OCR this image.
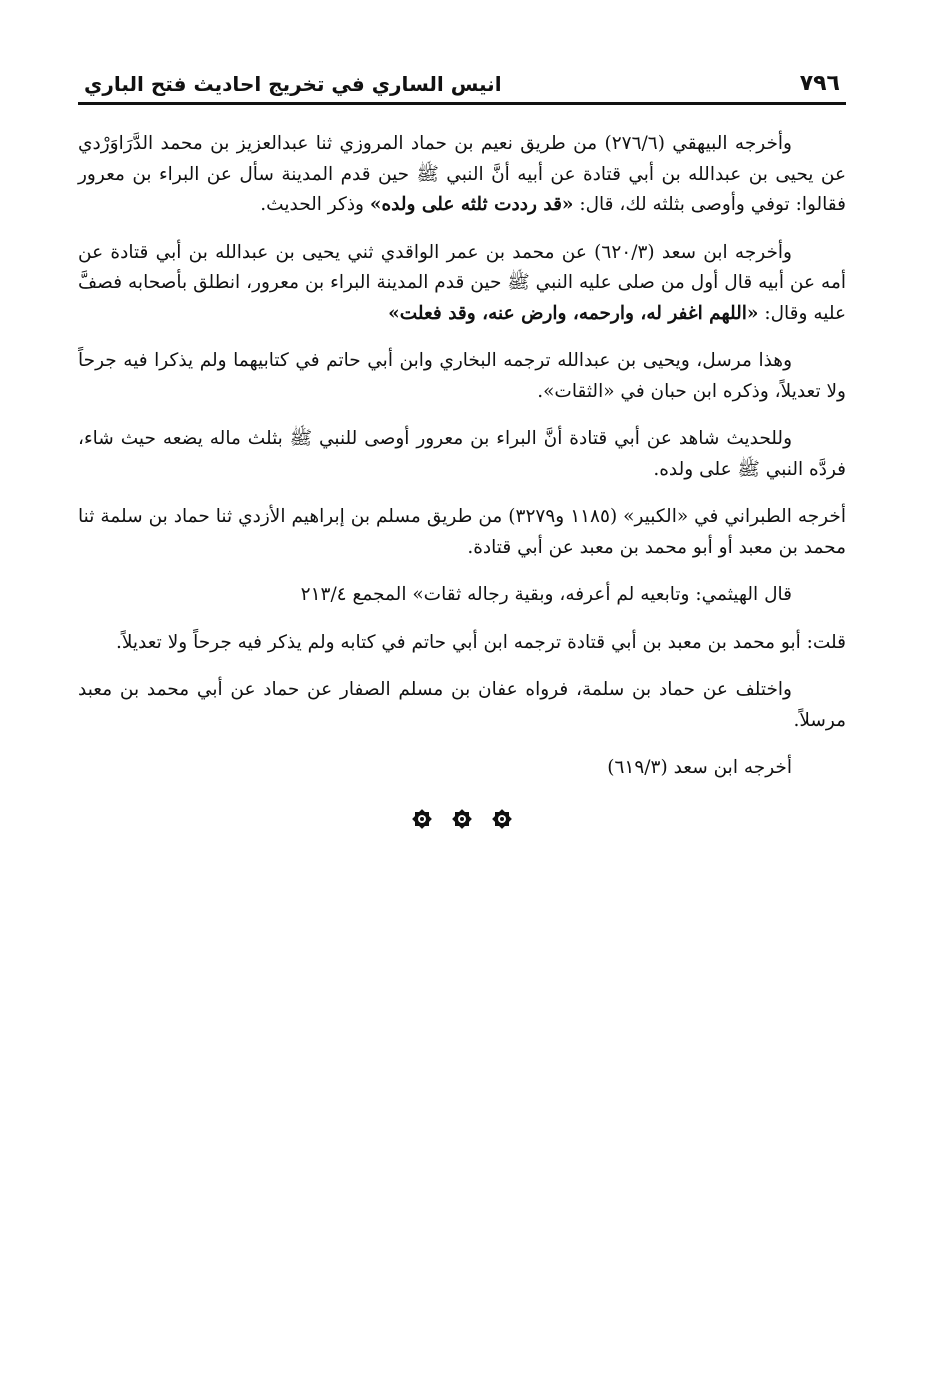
٧٩٦
انيس الساري في تخريج احاديث فتح الباري

وأخرجه البيهقي (٢٧٦/٦) من طريق نعيم بن حماد المروزي ثنا عبدالعزيز بن محمد الدَّرَاوَرْدي عن يحيى بن عبدالله بن أبي قتادة عن أبيه أنَّ النبي ﷺ حين قدم المدينة سأل عن البراء بن معرور فقالوا: توفي وأوصى بثلثه لك، قال: «قد رددت ثلثه على ولده» وذكر الحديث.

وأخرجه ابن سعد (٦٢٠/٣) عن محمد بن عمر الواقدي ثني يحيى بن عبدالله بن أبي قتادة عن أمه عن أبيه قال أول من صلى عليه النبي ﷺ حين قدم المدينة البراء بن معرور، انطلق بأصحابه فصفَّ عليه وقال: «اللهم اغفر له، وارحمه، وارض عنه، وقد فعلت»

وهذا مرسل، ويحيى بن عبدالله ترجمه البخاري وابن أبي حاتم في كتابيهما ولم يذكرا فيه جرحاً ولا تعديلاً، وذكره ابن حبان في «الثقات».

وللحديث شاهد عن أبي قتادة أنَّ البراء بن معرور أوصى للنبي ﷺ بثلث ماله يضعه حيث شاء، فردَّه النبي ﷺ على ولده.

أخرجه الطبراني في «الكبير» (١١٨٥ و٣٢٧٩) من طريق مسلم بن إبراهيم الأزدي ثنا حماد بن سلمة ثنا محمد بن معبد أو أبو محمد بن معبد عن أبي قتادة.

قال الهيثمي: وتابعيه لم أعرفه، وبقية رجاله ثقات» المجمع ٢١٣/٤

قلت: أبو محمد بن معبد بن أبي قتادة ترجمه ابن أبي حاتم في كتابه ولم يذكر فيه جرحاً ولا تعديلاً.

واختلف عن حماد بن سلمة، فرواه عفان بن مسلم الصفار عن حماد عن أبي محمد بن معبد مرسلاً.

أخرجه ابن سعد (٦١٩/٣)
